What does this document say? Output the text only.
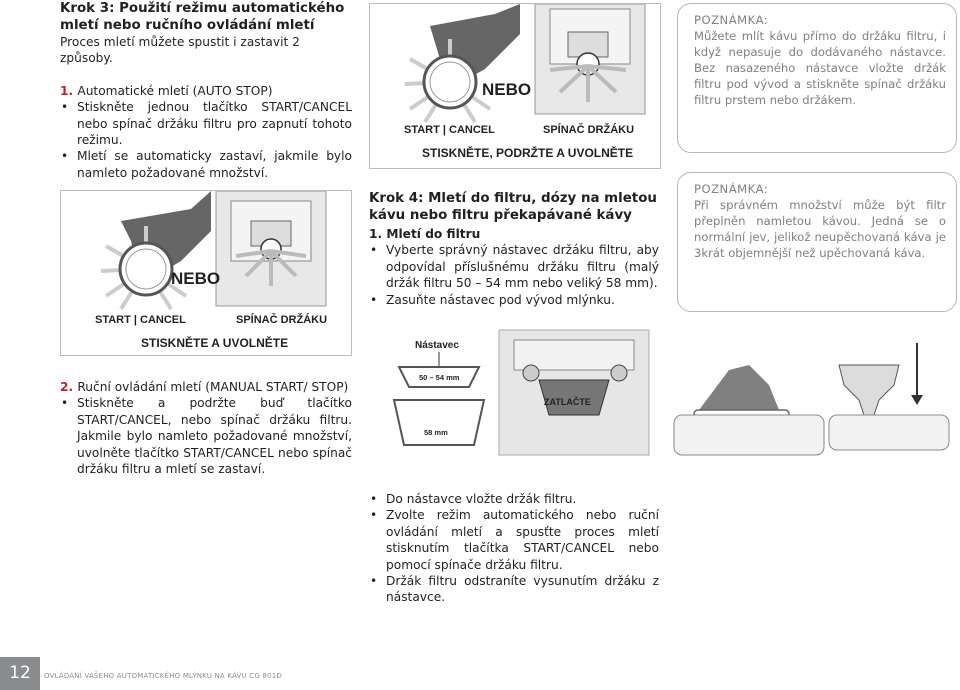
Krok 3: Použití režimu automatického mletí nebo ručního ovládání mletí
Proces mletí můžete spustit i zastavit 2 způsoby.
1. Automatické mletí (AUTO STOP)
• Stiskněte jednou tlačítko START/CANCEL nebo spínač držáku filtru pro zapnutí tohoto režimu.
• Mletí se automaticky zastaví, jakmile bylo namleto požadované množství.
NEBO
START | CANCEL	SPÍNAČ DRŽÁKU
STISKNĚTE A UVOLNĚTE
2. Ruční ovládání mletí (MANUAL START/ STOP)
• Stiskněte a podržte buď tlačítko START/CANCEL, nebo spínač držáku filtru. Jakmile bylo namleto požadované množství, uvolněte tlačítko START/CANCEL nebo spínač držáku filtru a mletí se zastaví.
NEBO
START | CANCEL	SPÍNAČ DRŽÁKU
STISKNĚTE, PODRŽTE A UVOLNĚTE
Krok 4: Mletí do filtru, dózy na mletou kávu nebo filtru překapávané kávy
1. Mletí do filtru
• Vyberte správný nástavec držáku filtru, aby odpovídal příslušnému držáku filtru (malý držák filtru 50 – 54 mm nebo veliký 58 mm).
• Zasuňte nástavec pod vývod mlýnku.
Nástavec
50 – 54 mm
58 mm
ZATLAČTE
• Do nástavce vložte držák filtru.
• Zvolte režim automatického nebo ruční ovládání mletí a spusťte proces mletí stisknutím tlačítka START/CANCEL nebo pomocí spínače držáku filtru.
• Držák filtru odstraníte vysunutím držáku z nástavce.
POZNÁMKA:

Můžete mlít kávu přímo do držáku filtru, i když nepasuje do dodávaného nástavce. Bez nasazeného nástavce vložte držák filtru pod vývod a stiskněte spínač držáku filtru prstem nebo držákem.

POZNÁMKA:

Při správném množství může být filtr přeplněn namletou kávou. Jedná se o normální jev, jelikož neupěchovaná káva je 3krát objemnější než upěchovaná káva.

12	OVLÁDÁNÍ VAŠEHO AUTOMATICKÉHO MLÝNKU NA KÁVU CG 801D
